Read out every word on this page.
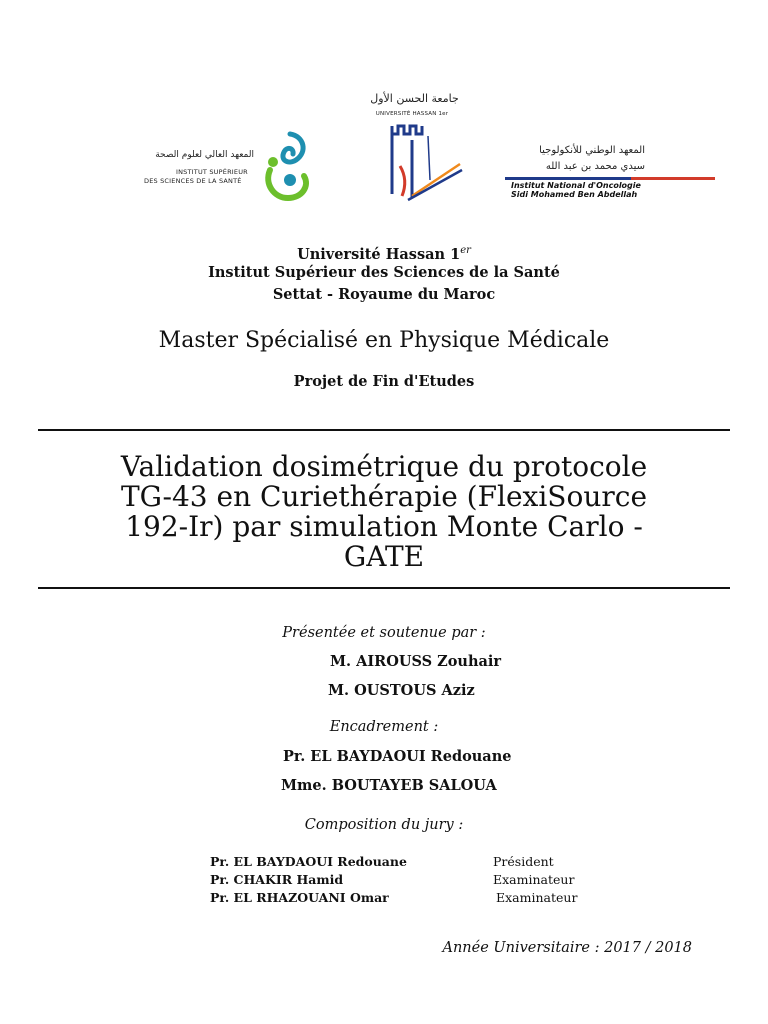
المعهد العالي لعلوم الصحة
INSTITUT SUPÉRIEUR
DES SCIENCES DE LA SANTÉ
جامعة الحسن الأول
UNIVERSITÉ HASSAN 1er
المعهد الوطني للأنكولوجيا
سيدي محمد بن عبد الله
Institut National d'Oncologie
Sidi Mohamed Ben Abdellah
Université Hassan 1er
Institut Supérieur des Sciences de la Santé
Settat - Royaume du Maroc
Master Spécialisé en Physique Médicale
Projet de Fin d'Etudes
Validation dosimétrique du protocole
TG-43 en Curiethérapie (FlexiSource
192-Ir) par simulation Monte Carlo -
GATE
Présentée et soutenue par :
M. AIROUSS Zouhair
M. OUSTOUS Aziz
Encadrement :
Pr. EL BAYDAOUI Redouane
Mme. BOUTAYEB SALOUA
Composition du jury :
Pr. EL BAYDAOUI Redouane	Président
Pr. CHAKIR Hamid	Examinateur
Pr. EL RHAZOUANI Omar	Examinateur
Année Universitaire : 2017 / 2018
